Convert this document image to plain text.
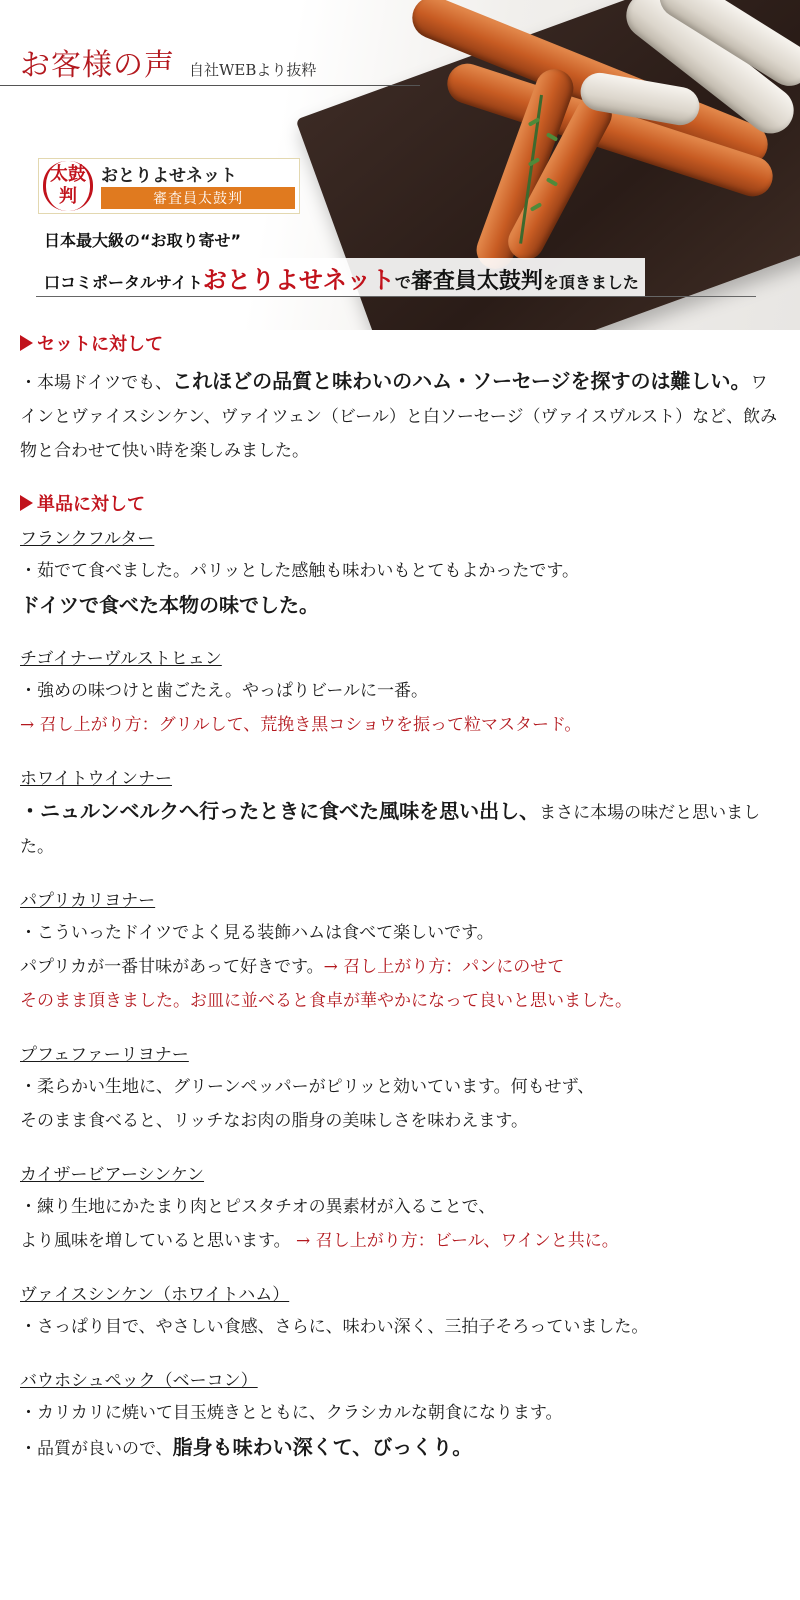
お客様の声 自社WEBより抜粋
太鼓判
おとりよせネット
審査員太鼓判
日本最大級の“お取り寄せ”
口コミポータルサイトおとりよせネットで審査員太鼓判を頂きました
セットに対して

・本場ドイツでも、これほどの品質と味わいのハム・ソーセージを探すのは難しい。ワインとヴァイスシンケン、ヴァイツェン（ビール）と白ソーセージ（ヴァイスヴルスト）など、飲み物と合わせて快い時を楽しみました。

単品に対して

フランクフルター

・茹でて食べました。パリッとした感触も味わいもとてもよかったです。

ドイツで食べた本物の味でした。

チゴイナーヴルストヒェン

・強めの味つけと歯ごたえ。やっぱりビールに一番。

→ 召し上がり方：グリルして、荒挽き黒コショウを振って粒マスタード。

ホワイトウインナー

・ニュルンベルクへ行ったときに食べた風味を思い出し、まさに本場の味だと思いました。

パプリカリヨナー

・こういったドイツでよく見る装飾ハムは食べて楽しいです。

パプリカが一番甘味があって好きです。→ 召し上がり方：パンにのせて

そのまま頂きました。お皿に並べると食卓が華やかになって良いと思いました。

プフェファーリヨナー

・柔らかい生地に、グリーンペッパーがピリッと効いています。何もせず、

そのまま食べると、リッチなお肉の脂身の美味しさを味わえます。

カイザービアーシンケン

・練り生地にかたまり肉とピスタチオの異素材が入ることで、

より風味を増していると思います。 → 召し上がり方：ビール、ワインと共に。

ヴァイスシンケン（ホワイトハム）

・さっぱり目で、やさしい食感、さらに、味わい深く、三拍子そろっていました。

バウホシュペック（ベーコン）

・カリカリに焼いて目玉焼きとともに、クラシカルな朝食になります。

・品質が良いので、脂身も味わい深くて、びっくり。
